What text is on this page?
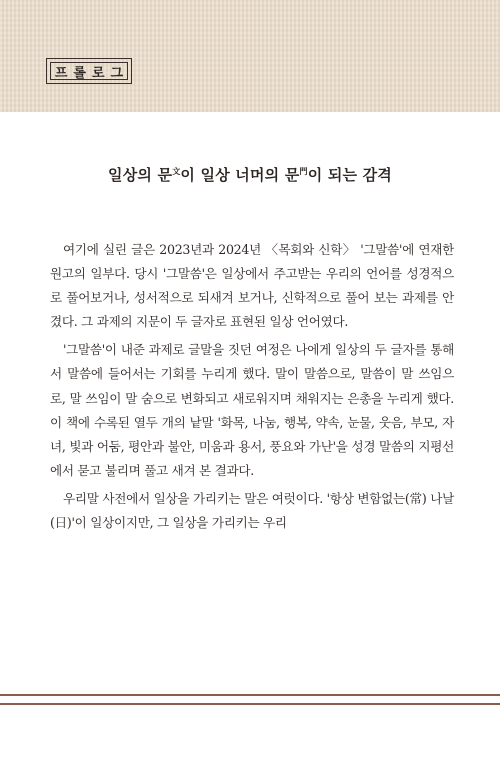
프롤로그
일상의 문$^文$이 일상 너머의 문$^門$이 되는 감격

여기에 실린 글은 2023년과 2024년 〈목회와 신학〉 '그말씀'에 연재한 원고의 일부다. 당시 '그말씀'은 일상에서 주고받는 우리의 언어를 성경적으로 풀어보거나, 성서적으로 되새겨 보거나, 신학적으로 풀어 보는 과제를 안겼다. 그 과제의 지문이 두 글자로 표현된 일상 언어였다.

'그말씀'이 내준 과제로 글말을 짓던 여정은 나에게 일상의 두 글자를 통해서 말씀에 들어서는 기회를 누리게 했다. 말이 말씀으로, 말씀이 말 쓰임으로, 말 쓰임이 말 숨으로 변화되고 새로워지며 채워지는 은총을 누리게 했다. 이 책에 수록된 열두 개의 낱말 '화목, 나눔, 행복, 약속, 눈물, 웃음, 부모, 자녀, 빛과 어둠, 평안과 불안, 미움과 용서, 풍요와 가난'을 성경 말씀의 지평선에서 묻고 불리며 풀고 새겨 본 결과다.

우리말 사전에서 일상을 가리키는 말은 여럿이다. '항상 변함없는(常) 나날(日)'이 일상이지만, 그 일상을 가리키는 우리
